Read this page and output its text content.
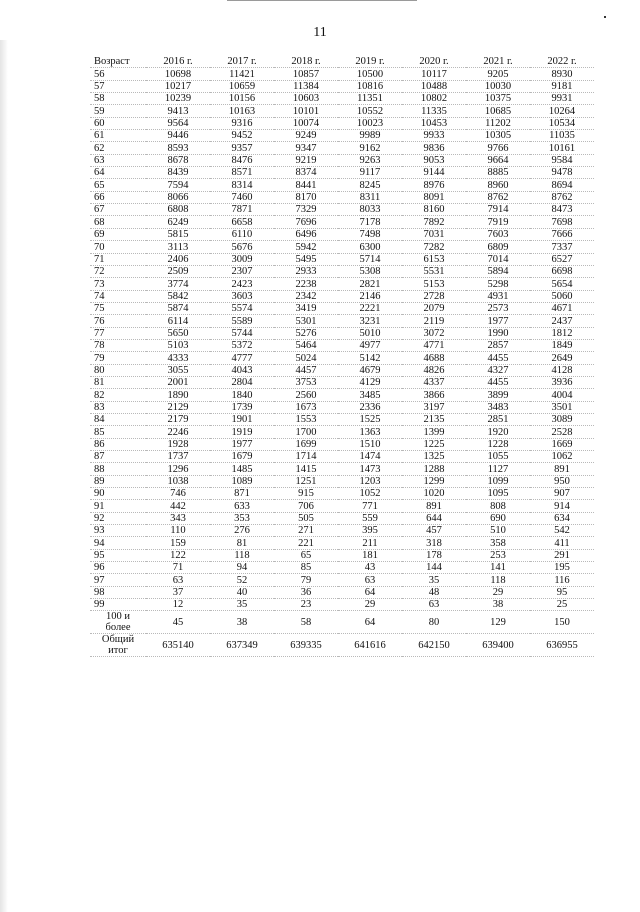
11
Возраст	2016 г.	2017 г.	2018 г.	2019 г.	2020 г.	2021 г.	2022 г.
56	10698	11421	10857	10500	10117	9205	8930
57	10217	10659	11384	10816	10488	10030	9181
58	10239	10156	10603	11351	10802	10375	9931
59	9413	10163	10101	10552	11335	10685	10264
60	9564	9316	10074	10023	10453	11202	10534
61	9446	9452	9249	9989	9933	10305	11035
62	8593	9357	9347	9162	9836	9766	10161
63	8678	8476	9219	9263	9053	9664	9584
64	8439	8571	8374	9117	9144	8885	9478
65	7594	8314	8441	8245	8976	8960	8694
66	8066	7460	8170	8311	8091	8762	8762
67	6808	7871	7329	8033	8160	7914	8473
68	6249	6658	7696	7178	7892	7919	7698
69	5815	6110	6496	7498	7031	7603	7666
70	3113	5676	5942	6300	7282	6809	7337
71	2406	3009	5495	5714	6153	7014	6527
72	2509	2307	2933	5308	5531	5894	6698
73	3774	2423	2238	2821	5153	5298	5654
74	5842	3603	2342	2146	2728	4931	5060
75	5874	5574	3419	2221	2079	2573	4671
76	6114	5589	5301	3231	2119	1977	2437
77	5650	5744	5276	5010	3072	1990	1812
78	5103	5372	5464	4977	4771	2857	1849
79	4333	4777	5024	5142	4688	4455	2649
80	3055	4043	4457	4679	4826	4327	4128
81	2001	2804	3753	4129	4337	4455	3936
82	1890	1840	2560	3485	3866	3899	4004
83	2129	1739	1673	2336	3197	3483	3501
84	2179	1901	1553	1525	2135	2851	3089
85	2246	1919	1700	1363	1399	1920	2528
86	1928	1977	1699	1510	1225	1228	1669
87	1737	1679	1714	1474	1325	1055	1062
88	1296	1485	1415	1473	1288	1127	891
89	1038	1089	1251	1203	1299	1099	950
90	746	871	915	1052	1020	1095	907
91	442	633	706	771	891	808	914
92	343	353	505	559	644	690	634
93	110	276	271	395	457	510	542
94	159	81	221	211	318	358	411
95	122	118	65	181	178	253	291
96	71	94	85	43	144	141	195
97	63	52	79	63	35	118	116
98	37	40	36	64	48	29	95
99	12	35	23	29	63	38	25

100 и
более	45	38	58	64	80	129	150

Общий
итог	635140	637349	639335	641616	642150	639400	636955
